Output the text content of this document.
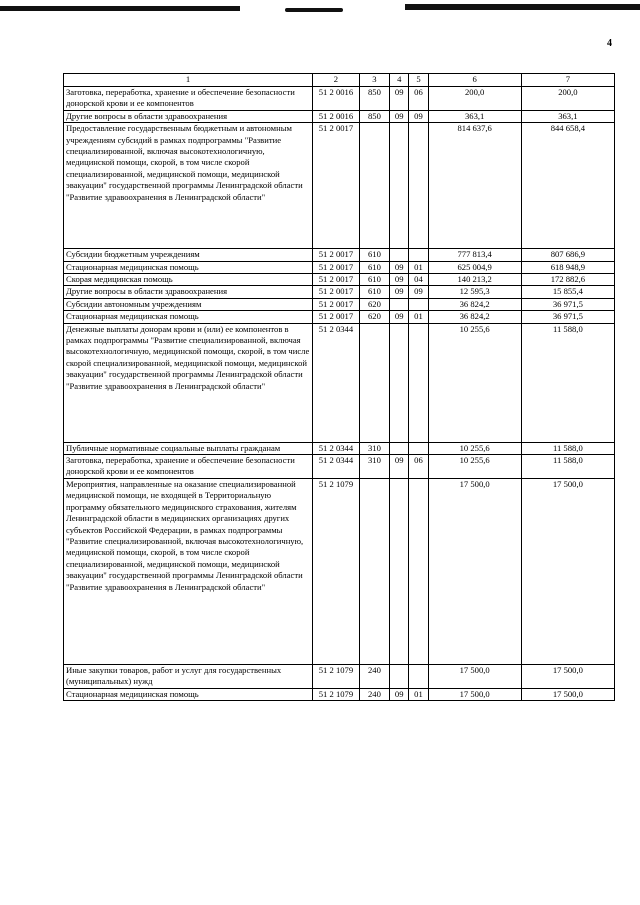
4
1	2	3	4	5	6	7
Заготовка, переработка, хранение и обеспечение безопасности донорской крови и ее компонентов	51 2 0016	850	09	06	200,0	200,0
Другие вопросы в области здравоохранения	51 2 0016	850	09	09	363,1	363,1
Предоставление государственным бюджетным и автономным учреждениям субсидий в рамках подпрограммы "Развитие специализированной, включая высокотехнологичную, медицинской помощи, скорой, в том числе скорой специализированной, медицинской помощи, медицинской эвакуации" государственной программы Ленинградской области "Развитие здравоохранения в Ленинградской области"	51 2 0017				814 637,6	844 658,4
Субсидии бюджетным учреждениям	51 2 0017	610			777 813,4	807 686,9
Стационарная медицинская помощь	51 2 0017	610	09	01	625 004,9	618 948,9
Скорая медицинская помощь	51 2 0017	610	09	04	140 213,2	172 882,6
Другие вопросы в области здравоохранения	51 2 0017	610	09	09	12 595,3	15 855,4
Субсидии автономным учреждениям	51 2 0017	620			36 824,2	36 971,5
Стационарная медицинская помощь	51 2 0017	620	09	01	36 824,2	36 971,5
Денежные выплаты донорам крови и (или) ее компонентов в рамках подпрограммы "Развитие специализированной, включая высокотехнологичную, медицинской помощи, скорой, в том числе скорой специализированной, медицинской помощи, медицинской эвакуации" государственной программы Ленинградской области "Развитие здравоохранения в Ленинградской области"	51 2 0344				10 255,6	11 588,0
Публичные нормативные социальные выплаты гражданам	51 2 0344	310			10 255,6	11 588,0
Заготовка, переработка, хранение и обеспечение безопасности донорской крови и ее компонентов	51 2 0344	310	09	06	10 255,6	11 588,0
Мероприятия, направленные на оказание специализированной медицинской помощи, не входящей в Территориальную программу обязательного медицинского страхования, жителям Ленинградской области в медицинских организациях других субъектов Российской Федерации, в рамках подпрограммы "Развитие специализированной, включая высокотехнологичную, медицинской помощи, скорой, в том числе скорой специализированной, медицинской помощи, медицинской эвакуации" государственной программы Ленинградской области "Развитие здравоохранения в Ленинградской области"	51 2 1079				17 500,0	17 500,0
Иные закупки товаров, работ и услуг для государственных (муниципальных) нужд	51 2 1079	240			17 500,0	17 500,0
Стационарная медицинская помощь	51 2 1079	240	09	01	17 500,0	17 500,0
